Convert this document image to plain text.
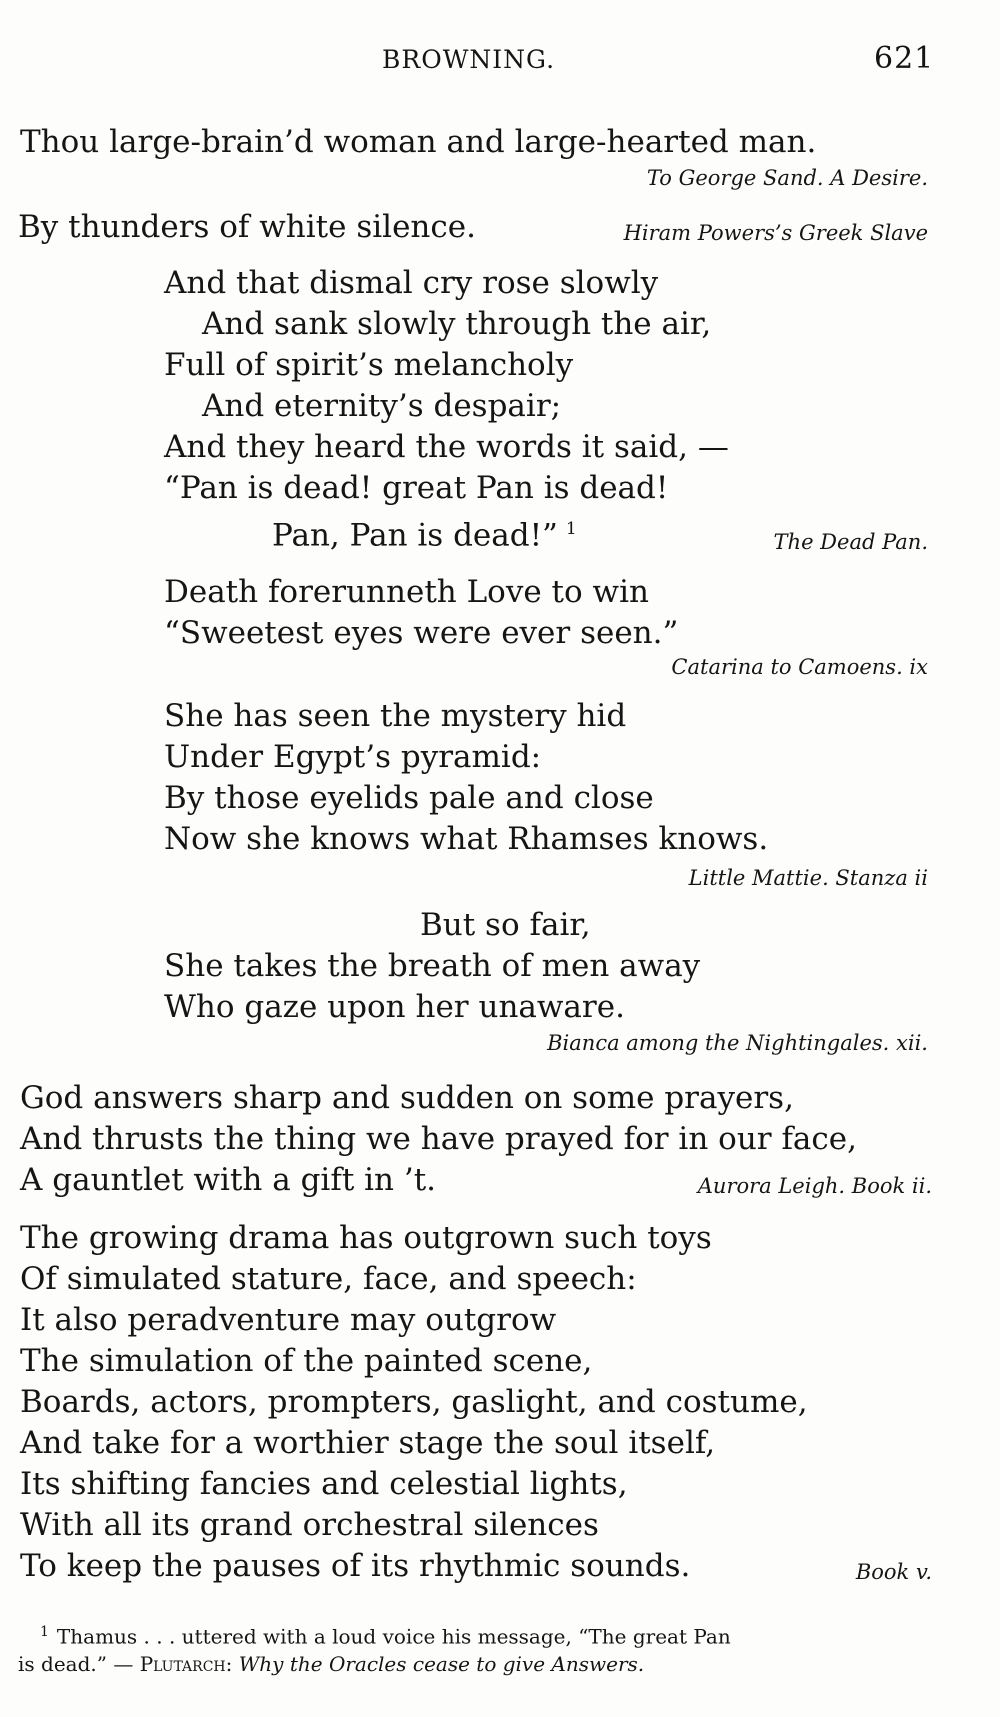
BROWNING.	621
Thou large-brain’d woman and large-hearted man.
To George Sand. A Desire.
By thunders of white silence.	Hiram Powers’s Greek Slave
And that dismal cry rose slowly
And sank slowly through the air,
Full of spirit’s melancholy
And eternity’s despair;
And they heard the words it said, —
“Pan is dead! great Pan is dead!
Pan, Pan is dead!” $^1$
The Dead Pan.
Death forerunneth Love to win
“Sweetest eyes were ever seen.”
Catarina to Camoens. ix
She has seen the mystery hid
Under Egypt’s pyramid:
By those eyelids pale and close
Now she knows what Rhamses knows.
Little Mattie. Stanza ii
But so fair,
She takes the breath of men away
Who gaze upon her unaware.
Bianca among the Nightingales. xii.
God answers sharp and sudden on some prayers,
And thrusts the thing we have prayed for in our face,
A gauntlet with a gift in ’t.	Aurora Leigh. Book ii.
The growing drama has outgrown such toys
Of simulated stature, face, and speech:
It also peradventure may outgrow
The simulation of the painted scene,
Boards, actors, prompters, gaslight, and costume,
And take for a worthier stage the soul itself,
Its shifting fancies and celestial lights,
With all its grand orchestral silences
To keep the pauses of its rhythmic sounds.	Book v.
$^1$ Thamus . . . uttered with a loud voice his message, “The great Pan
is dead.” — Plutarch: Why the Oracles cease to give Answers.
